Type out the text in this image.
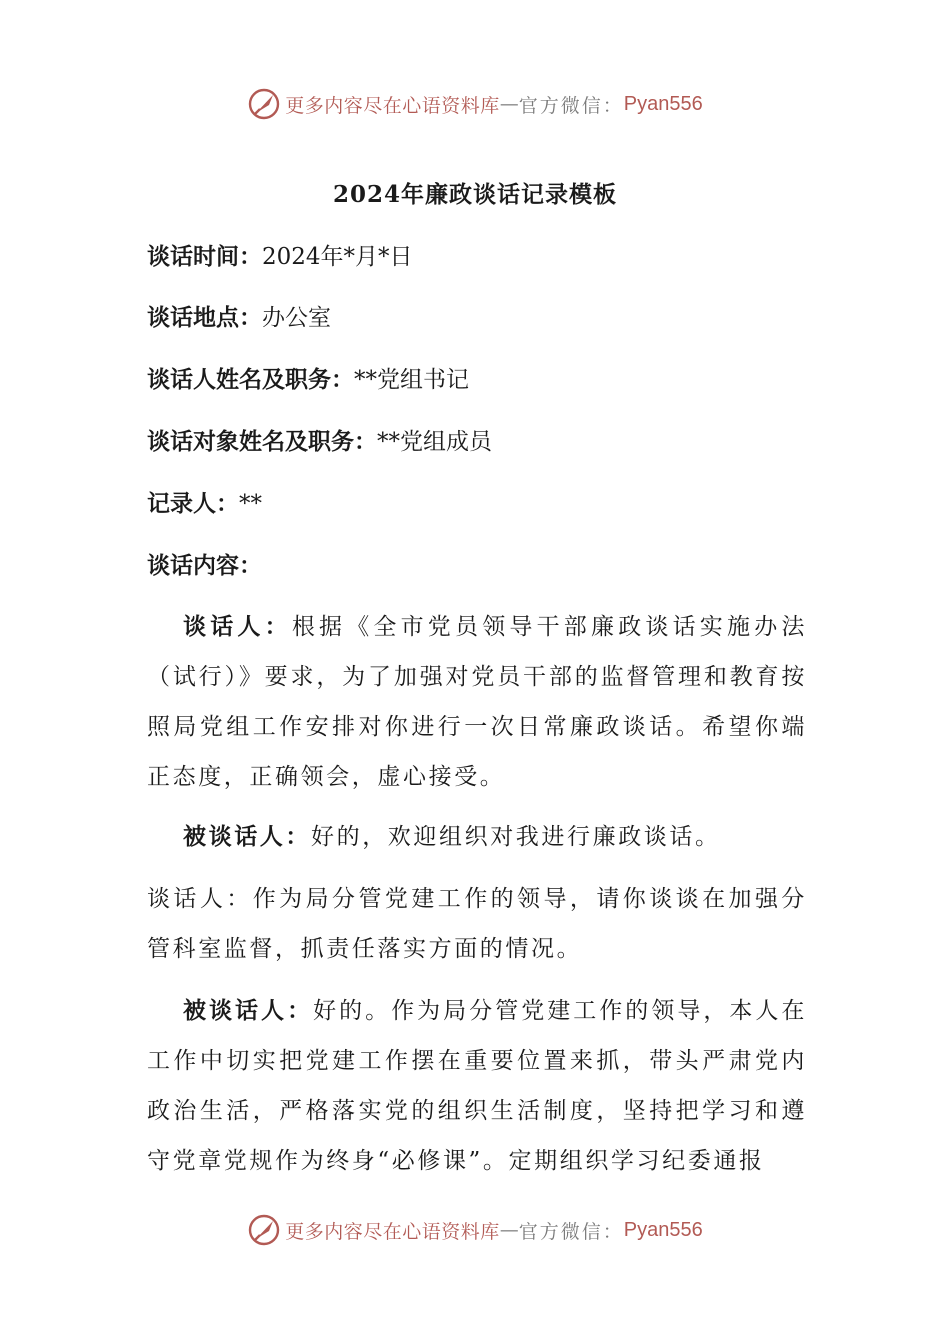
更多内容尽在心语资料库 — 官方微信： Pyan556
2024年廉政谈话记录模板
谈话时间：2024年*月*日
谈话地点：办公室
谈话人姓名及职务：**党组书记
谈话对象姓名及职务：**党组成员
记录人：**
谈话内容：
谈话人：根据《全市党员领导干部廉政谈话实施办法（试行）》要求，为了加强对党员干部的监督管理和教育按照局党组工作安排对你进行一次日常廉政谈话。希望你端正态度，正确领会，虚心接受。
被谈话人：好的，欢迎组织对我进行廉政谈话。
谈话人：作为局分管党建工作的领导，请你谈谈在加强分管科室监督，抓责任落实方面的情况。
被谈话人：好的。作为局分管党建工作的领导，本人在工作中切实把党建工作摆在重要位置来抓，带头严肃党内政治生活，严格落实党的组织生活制度，坚持把学习和遵守党章党规作为终身“必修课”。定期组织学习纪委通报
更多内容尽在心语资料库 — 官方微信： Pyan556
